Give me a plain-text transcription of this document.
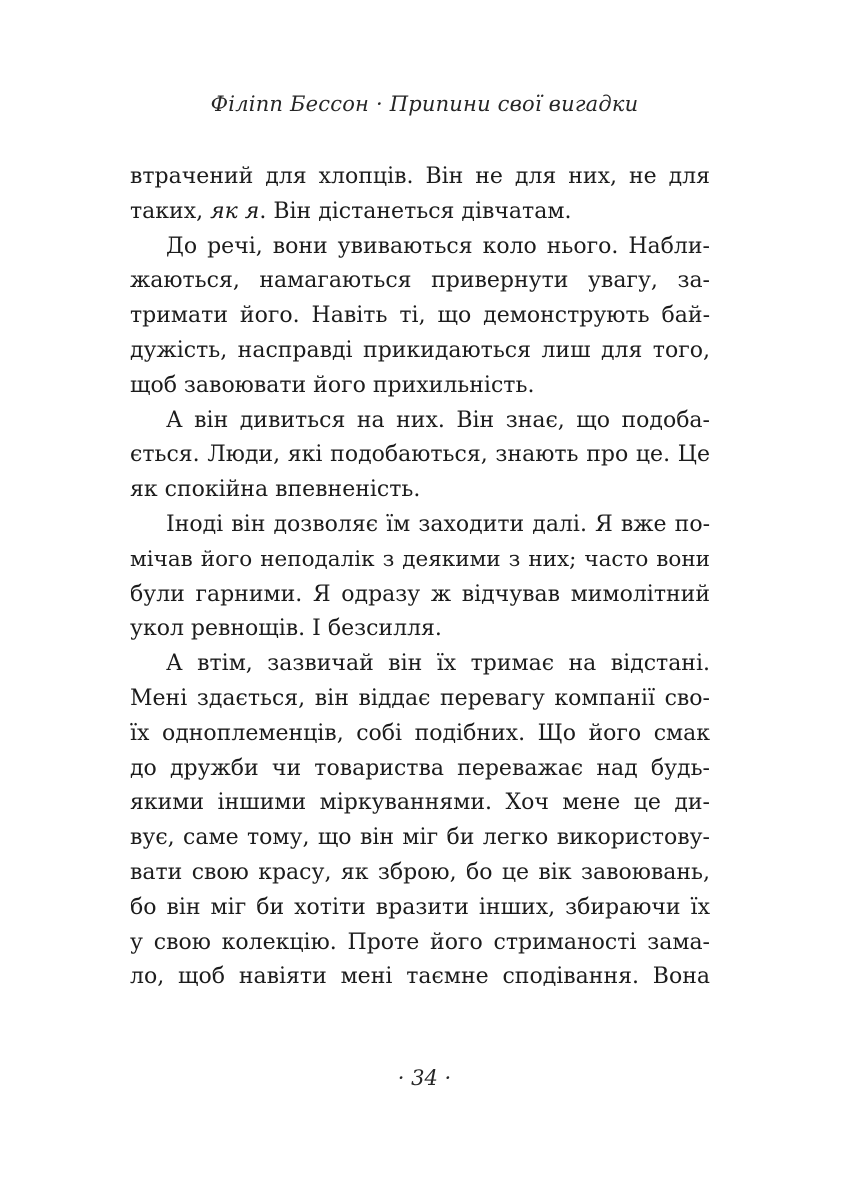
Філіпп Бессон · Припини свої вигадки
втрачений для хлопців. Він не для них, не для
таких, як я. Він дістанеться дівчатам.
До речі, вони увиваються коло нього. Набли-
жаються, намагаються привернути увагу, за-
тримати його. Навіть ті, що демонструють бай-
дужість, насправді прикидаються лиш для того,
щоб завоювати його прихильність.
А він дивиться на них. Він знає, що подоба-
ється. Люди, які подобаються, знають про це. Це
як спокійна впевненість.
Іноді він дозволяє їм заходити далі. Я вже по-
мічав його неподалік з деякими з них; часто вони
були гарними. Я одразу ж відчував мимолітний
укол ревнощів. І безсилля.
А втім, зазвичай він їх тримає на відстані.
Мені здається, він віддає перевагу компанії сво-
їх одноплеменців, собі подібних. Що його смак
до дружби чи товариства переважає над будь-
якими іншими міркуваннями. Хоч мене це ди-
вує, саме тому, що він міг би легко використову-
вати свою красу, як зброю, бо це вік завоювань,
бо він міг би хотіти вразити інших, збираючи їх
у свою колекцію. Проте його стриманості зама-
ло, щоб навіяти мені таємне сподівання. Вона
· 34 ·
